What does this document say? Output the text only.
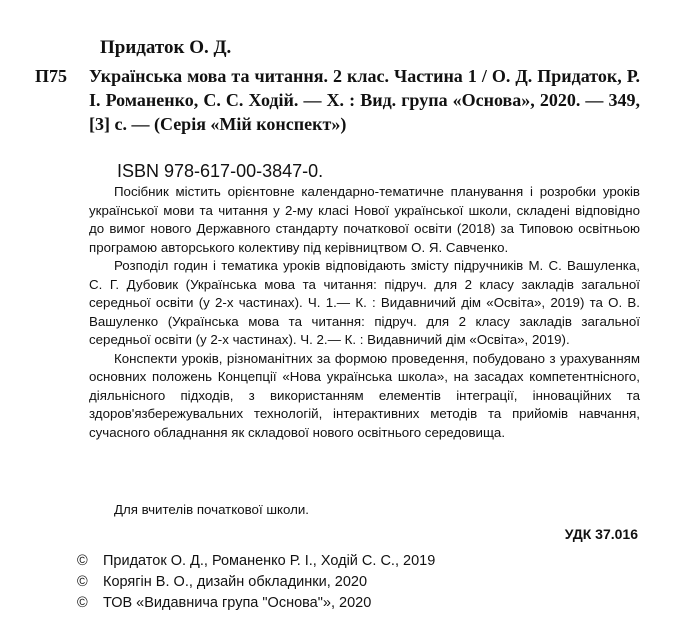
Придаток О. Д.
П75 Українська мова та читання. 2 клас. Частина 1 / О. Д. Придаток, Р. І. Романенко, С. С. Ходій. — Х. : Вид. група «Основа», 2020. — 349, [3] с. — (Серія «Мій конспект»)
ISBN 978-617-00-3847-0.

Посібник містить орієнтовне календарно-тематичне планування і розробки уроків української мови та читання у 2-му класі Нової української школи, складені відповідно до вимог нового Державного стандарту початкової освіти (2018) за Типовою освітньою програмою авторського колективу під керівництвом О. Я. Савченко.

Розподіл годин і тематика уроків відповідають змісту підручників М. С. Вашуленка, С. Г. Дубовик (Українська мова та читання: підруч. для 2 класу закладів загальної середньої освіти (у 2-х частинах). Ч. 1.— К. : Видавничий дім «Освіта», 2019) та О. В. Вашуленко (Українська мова та читання: підруч. для 2 класу закладів загальної середньої освіти (у 2-х частинах). Ч. 2.— К. : Видавничий дім «Освіта», 2019).

Конспекти уроків, різноманітних за формою проведення, побудовано з урахуванням основних положень Концепції «Нова українська школа», на засадах компетентнісного, діяльнісного підходів, з використанням елементів інтеграції, інноваційних та здоров'язбережувальних технологій, інтерактивних методів та прийомів навчання, сучасного обладнання як складової нового освітнього середовища.

Для вчителів початкової школи.
УДК 37.016
©	Придаток О. Д., Романенко Р. І., Ходій С. С., 2019
©	Корягін В. О., дизайн обкладинки, 2020
©	ТОВ «Видавнича група "Основа"», 2020
